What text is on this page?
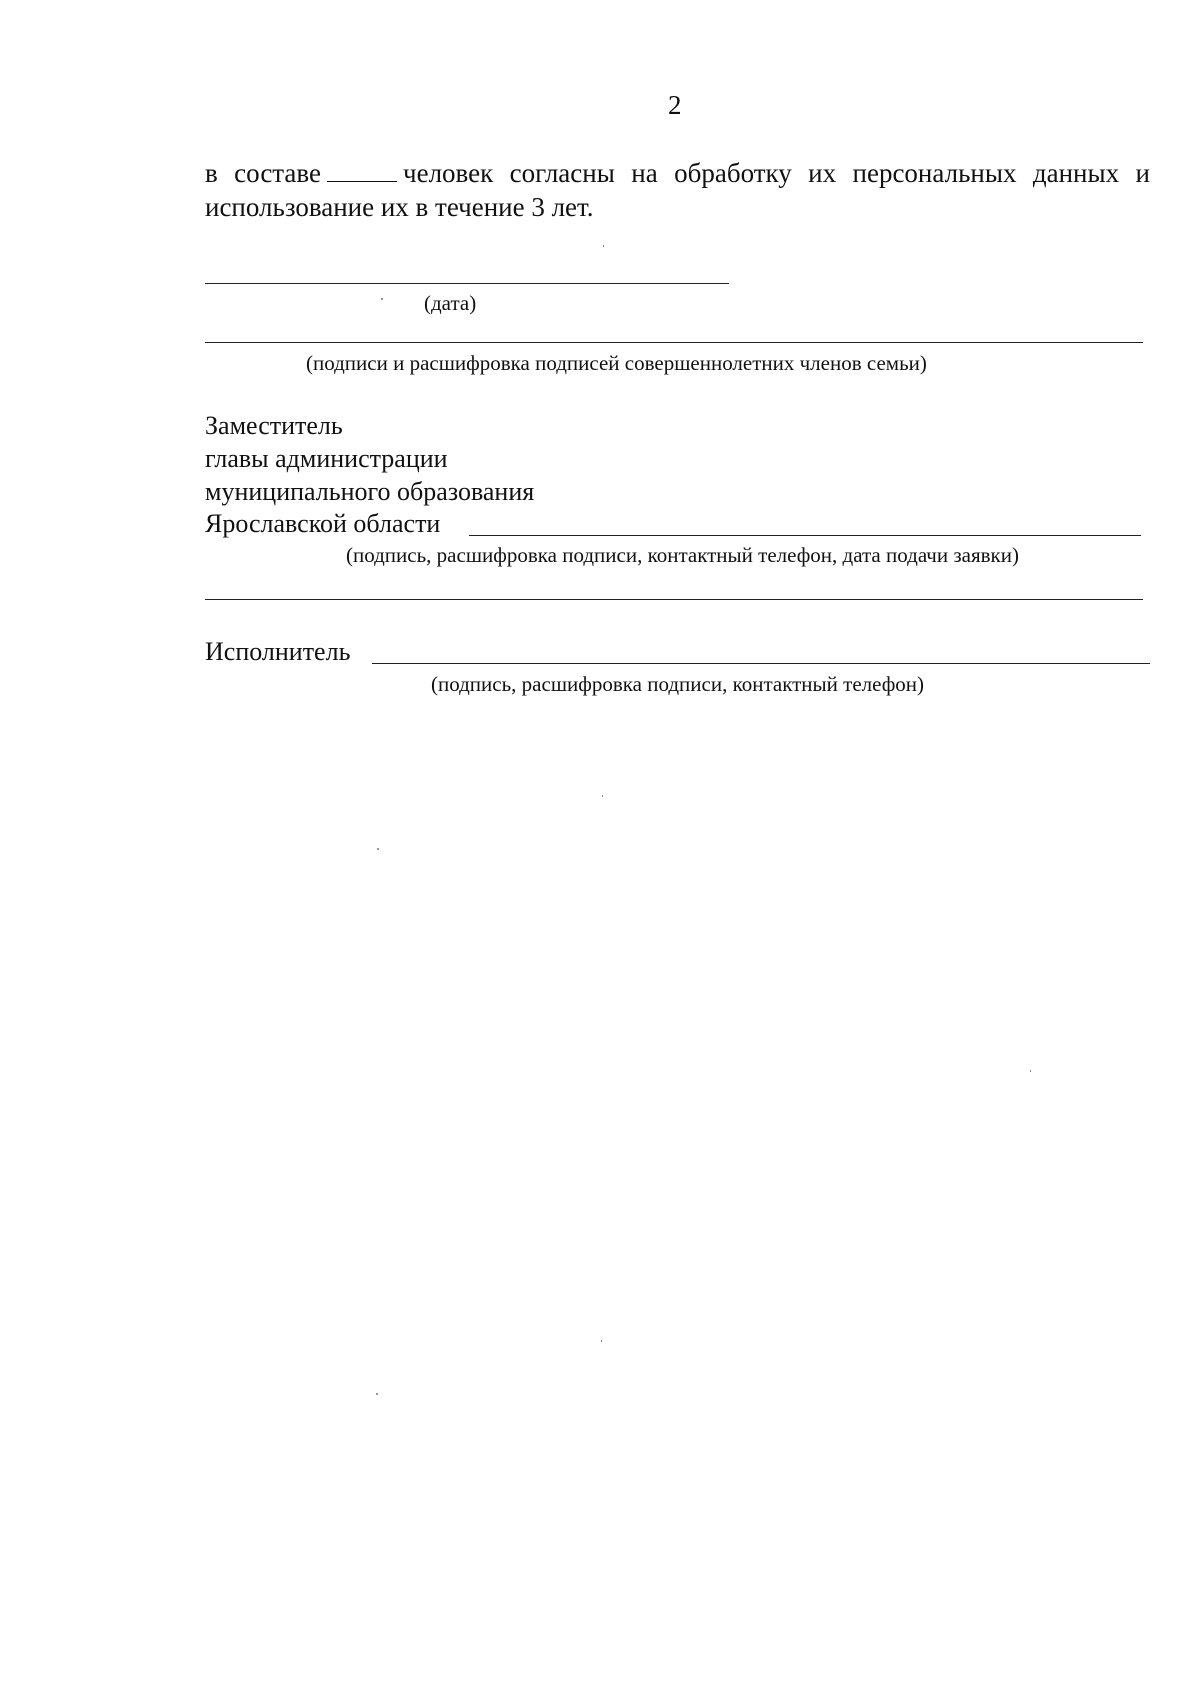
2
в составе	человек согласны на обработку их персональных данных и
использование их в течение 3 лет.
(дата)
(подписи и расшифровка подписей совершеннолетних членов семьи)
Заместитель
главы администрации
муниципального образования
Ярославской области
(подпись, расшифровка подписи, контактный телефон, дата подачи заявки)
Исполнитель
(подпись, расшифровка подписи, контактный телефон)
